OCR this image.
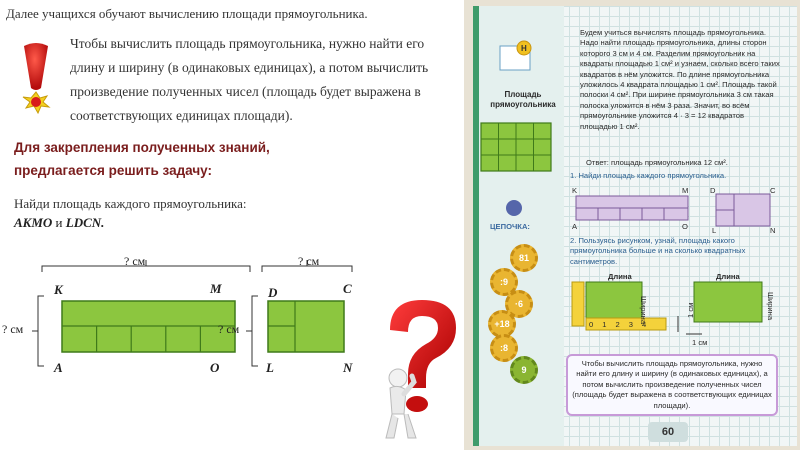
Далее учащихся обучают вычислению площади прямоугольника.
Чтобы вычислить площадь прямоугольника, нужно найти его длину и ширину (в одинаковых единицах), а потом вычислить произведение полученных чисел (площадь будет выражена в соответствующих единицах площади).
Для закрепления полученных знаний,
предлагается решить задачу:
Найди площадь каждого прямоугольника:
AKMO и LDCN.
? см
? см
? см
? см
K	M
A	O
D	C
L	N
Н
Площадь прямоугольника
ЦЕПОЧКА:
81
:9
·6
+18
:8
9
Будем учиться вычислять площадь прямоугольника. Надо найти площадь прямоугольника, длины сторон которого 3 см и 4 см. Разделим прямоугольник на квадраты площадью 1 см² и узнаем, сколько всего таких квадратов в нём уложится. По длине прямоугольника уложилось 4 квадрата площадью 1 см². Площадь такой полоски 4 см². При ширине прямоугольника 3 см такая полоска уложится в нём 3 раза. Значит, во всём прямоугольнике уложится 4 · 3 = 12 квадратов площадью 1 см².
Ответ: площадь прямоугольника 12 см².
1. Найди площадь каждого прямоугольника.
K	M
A	O
D	C
L	N
2. Пользуясь рисунком, узнай, площадь какого прямоугольника больше и на сколько квадратных сантиметров.
Длина	Длина
01234
Ширина	Ширина
1 см
1 см
Чтобы вычислить площадь прямоугольника, нужно найти его длину и ширину (в одинаковых единицах), а потом вычислить произведение полученных чисел (площадь будет выражена в соответствующих единицах площади).
60
